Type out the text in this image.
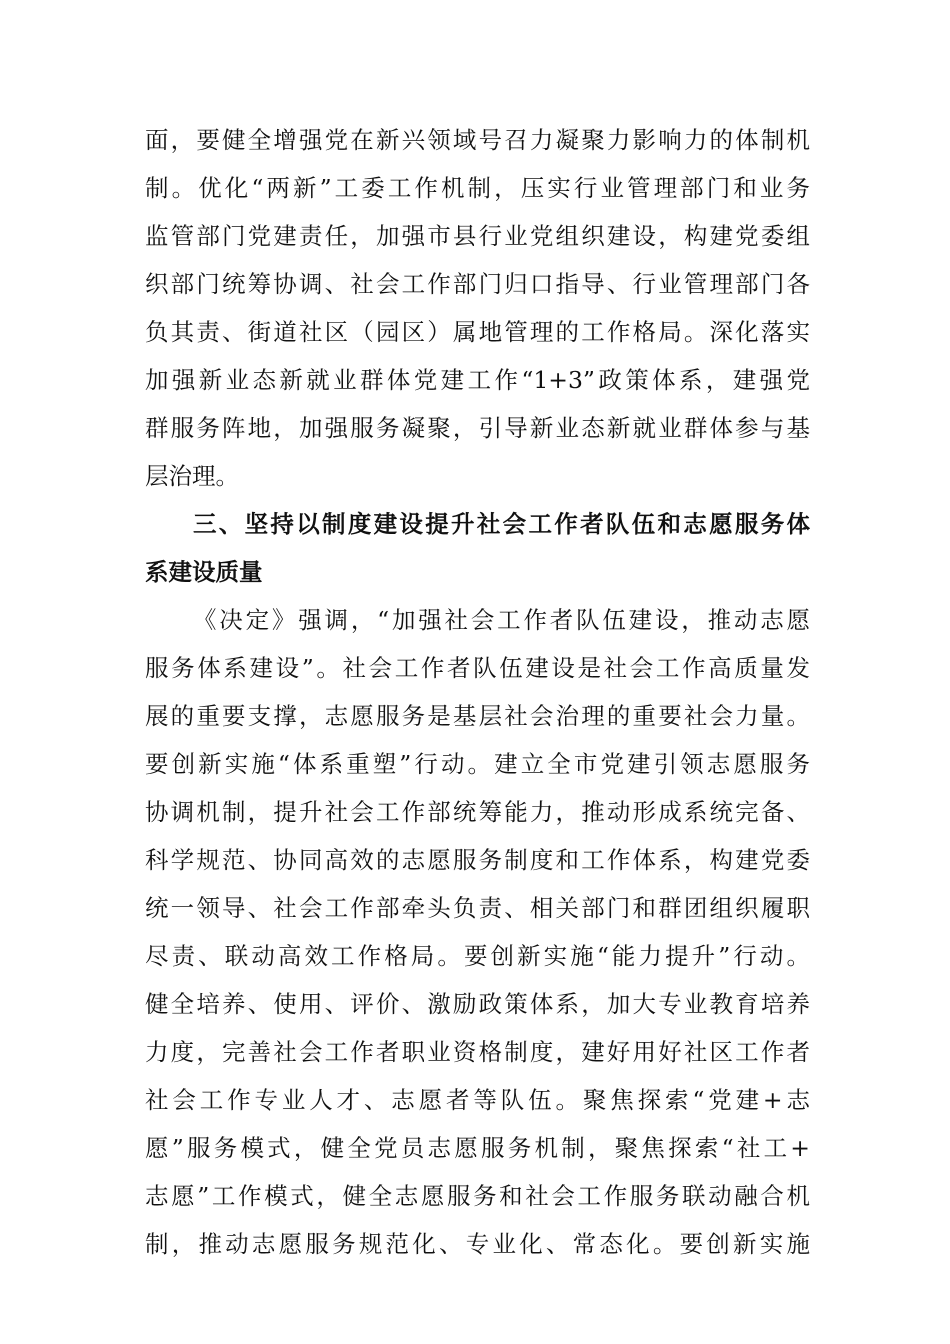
面，要健全增强党在新兴领域号召力凝聚力影响力的体制机
制。优化“两新”工委工作机制，压实行业管理部门和业务
监管部门党建责任，加强市县行业党组织建设，构建党委组
织部门统筹协调、社会工作部门归口指导、行业管理部门各
负其责、街道社区（园区）属地管理的工作格局。深化落实
加强新业态新就业群体党建工作“1+3”政策体系，建强党
群服务阵地，加强服务凝聚，引导新业态新就业群体参与基
层治理。
三、坚持以制度建设提升社会工作者队伍和志愿服务体
系建设质量
《决定》强调，“加强社会工作者队伍建设，推动志愿
服务体系建设”。社会工作者队伍建设是社会工作高质量发
展的重要支撑，志愿服务是基层社会治理的重要社会力量。
要创新实施“体系重塑”行动。建立全市党建引领志愿服务
协调机制，提升社会工作部统筹能力，推动形成系统完备、
科学规范、协同高效的志愿服务制度和工作体系，构建党委
统一领导、社会工作部牵头负责、相关部门和群团组织履职
尽责、联动高效工作格局。要创新实施“能力提升”行动。
健全培养、使用、评价、激励政策体系，加大专业教育培养
力度，完善社会工作者职业资格制度，建好用好社区工作者
社会工作专业人才、志愿者等队伍。聚焦探索“党建+志
愿”服务模式，健全党员志愿服务机制，聚焦探索“社工+
志愿”工作模式，健全志愿服务和社会工作服务联动融合机
制，推动志愿服务规范化、专业化、常态化。要创新实施
